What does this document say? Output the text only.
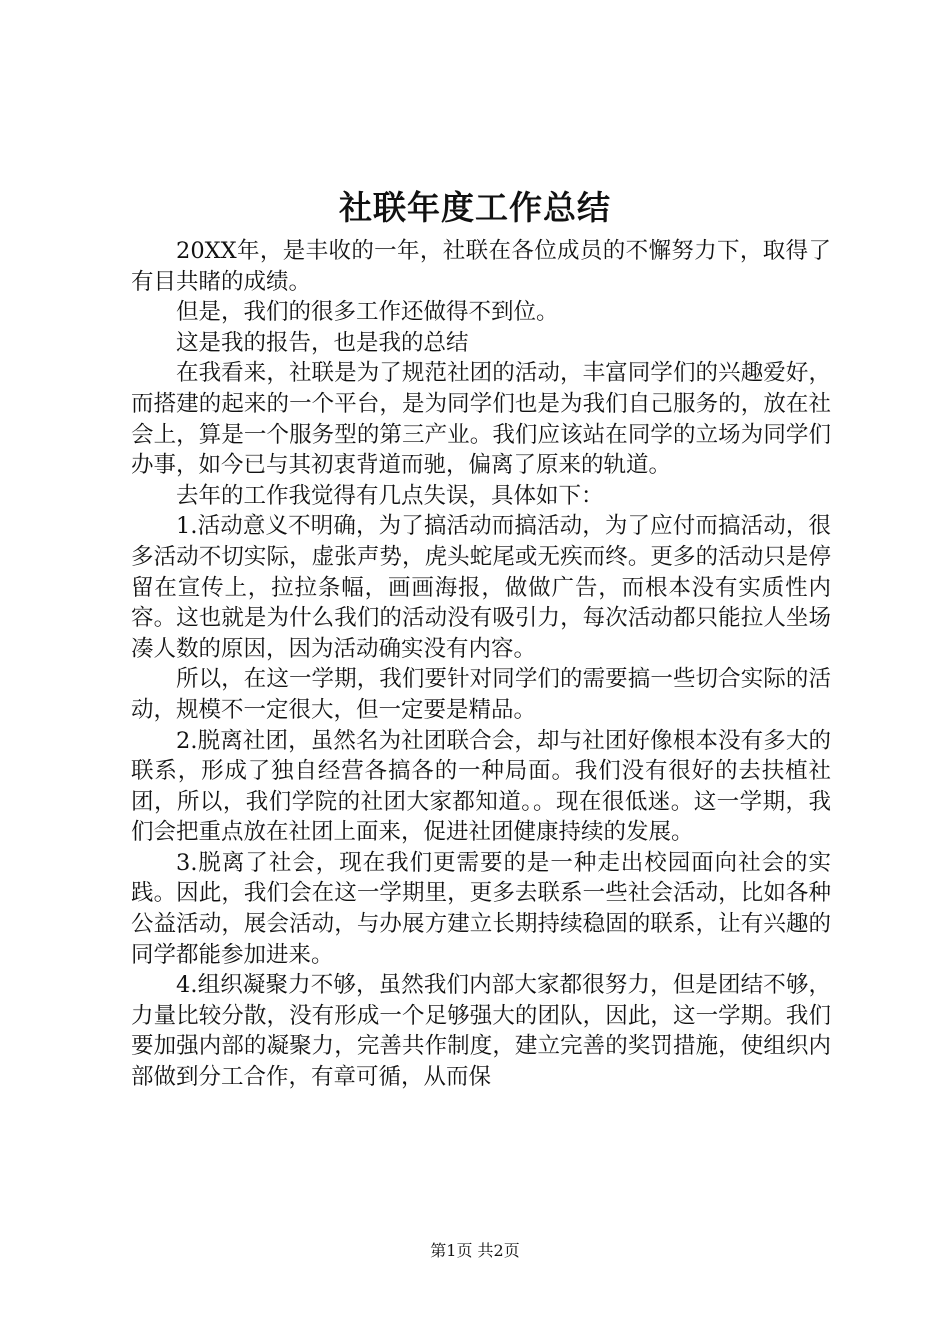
社联年度工作总结

20XX年，是丰收的一年，社联在各位成员的不懈努力下，取得了有目共睹的成绩。

但是，我们的很多工作还做得不到位。

这是我的报告，也是我的总结

在我看来，社联是为了规范社团的活动，丰富同学们的兴趣爱好，而搭建的起来的一个平台，是为同学们也是为我们自己服务的，放在社会上，算是一个服务型的第三产业。我们应该站在同学的立场为同学们办事，如今已与其初衷背道而驰，偏离了原来的轨道。

去年的工作我觉得有几点失误，具体如下：

1.活动意义不明确，为了搞活动而搞活动，为了应付而搞活动，很多活动不切实际，虚张声势，虎头蛇尾或无疾而终。更多的活动只是停留在宣传上，拉拉条幅，画画海报，做做广告，而根本没有实质性内容。这也就是为什么我们的活动没有吸引力，每次活动都只能拉人坐场凑人数的原因，因为活动确实没有内容。

所以，在这一学期，我们要针对同学们的需要搞一些切合实际的活动，规模不一定很大，但一定要是精品。

2.脱离社团，虽然名为社团联合会，却与社团好像根本没有多大的联系，形成了独自经营各搞各的一种局面。我们没有很好的去扶植社团，所以，我们学院的社团大家都知道。。现在很低迷。这一学期，我们会把重点放在社团上面来，促进社团健康持续的发展。

3.脱离了社会，现在我们更需要的是一种走出校园面向社会的实践。因此，我们会在这一学期里，更多去联系一些社会活动，比如各种公益活动，展会活动，与办展方建立长期持续稳固的联系，让有兴趣的同学都能参加进来。

4.组织凝聚力不够，虽然我们内部大家都很努力，但是团结不够，力量比较分散，没有形成一个足够强大的团队，因此，这一学期。我们要加强内部的凝聚力，完善共作制度，建立完善的奖罚措施，使组织内部做到分工合作，有章可循，从而保

第1页 共2页
